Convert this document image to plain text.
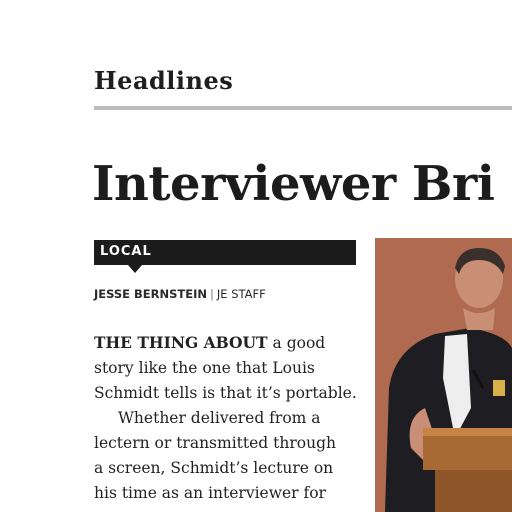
Headlines
Interviewer Bri
LOCAL
JESSE BERNSTEIN | JE STAFF

THE THING ABOUT a good
story like the one that Louis
Schmidt tells is that it’s portable.

Whether delivered from a
lectern or transmitted through
a screen, Schmidt’s lecture on
his time as an interviewer for
